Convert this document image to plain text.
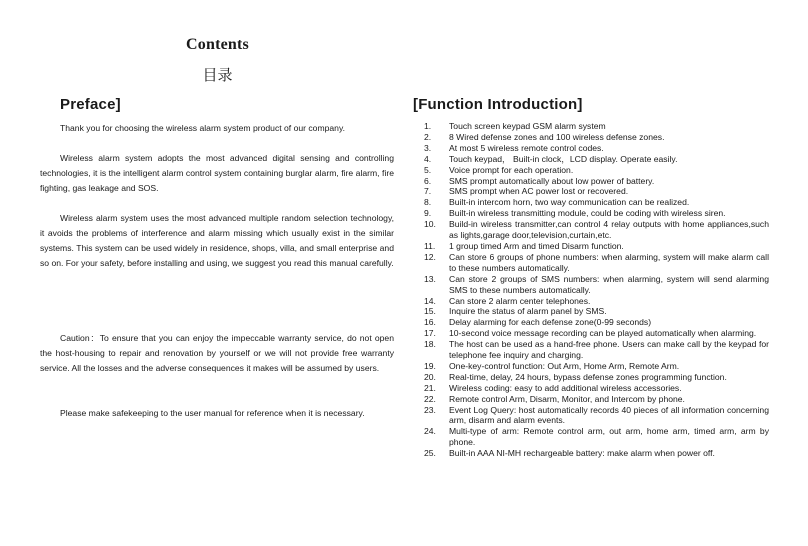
Contents
目录
Preface]	[Function Introduction]

Thank you for choosing the wireless alarm system product of our company.

Wireless alarm system adopts the most advanced digital sensing and controlling technologies, it is the intelligent alarm control system containing burglar alarm, fire alarm, fire fighting, gas leakage and SOS.

Wireless alarm system uses the most advanced multiple random selection technology, it avoids the problems of interference and alarm missing which usually exist in the similar systems. This system can be used widely in residence, shops, villa, and small enterprise and so on. For your safety, before installing and using, we suggest you read this manual carefully.

Caution：To ensure that you can enjoy the impeccable warranty service, do not open the host-housing to repair and renovation by yourself or we will not provide free warranty service. All the losses and the adverse consequences it makes will be assumed by users.

Please make safekeeping to the user manual for reference when it is necessary.

1.	Touch screen keypad GSM alarm system
2.	8 Wired defense zones and 100 wireless defense zones.
3.	At most 5 wireless remote control codes.
4.	Touch keypad， Built-in clock，LCD display. Operate easily.
5.	Voice prompt for each operation.
6.	SMS prompt automatically about low power of battery.
7.	SMS prompt when AC power lost or recovered.
8.	Built-in intercom horn, two way communication can be realized.
9.	Built-in wireless transmitting module, could be coding with wireless siren.
10.	Build-in wireless transmitter,can control 4 relay outputs with home appliances,such as lights,garage door,television,curtain,etc.
11.	1 group timed Arm and timed Disarm function.
12.	Can store 6 groups of phone numbers: when alarming, system will make alarm call to these numbers automatically.
13.	Can store 2 groups of SMS numbers: when alarming, system will send alarming SMS to these numbers automatically.
14.	Can store 2 alarm center telephones.
15.	Inquire the status of alarm panel by SMS.
16.	Delay alarming for each defense zone(0-99 seconds)
17.	10-second voice message recording can be played automatically when alarming.
18.	The host can be used as a hand-free phone. Users can make call by the keypad for telephone fee inquiry and charging.
19.	One-key-control function: Out Arm, Home Arm, Remote Arm.
20.	Real-time, delay, 24 hours, bypass defense zones programming function.
21.	Wireless coding: easy to add additional wireless accessories.
22.	Remote control Arm, Disarm, Monitor, and Intercom by phone.
23.	Event Log Query: host automatically records 40 pieces of all information concerning arm, disarm and alarm events.
24.	Multi-type of arm: Remote control arm, out arm, home arm, timed arm, arm by phone.
25.	Built-in AAA NI-MH rechargeable battery: make alarm when power off.
